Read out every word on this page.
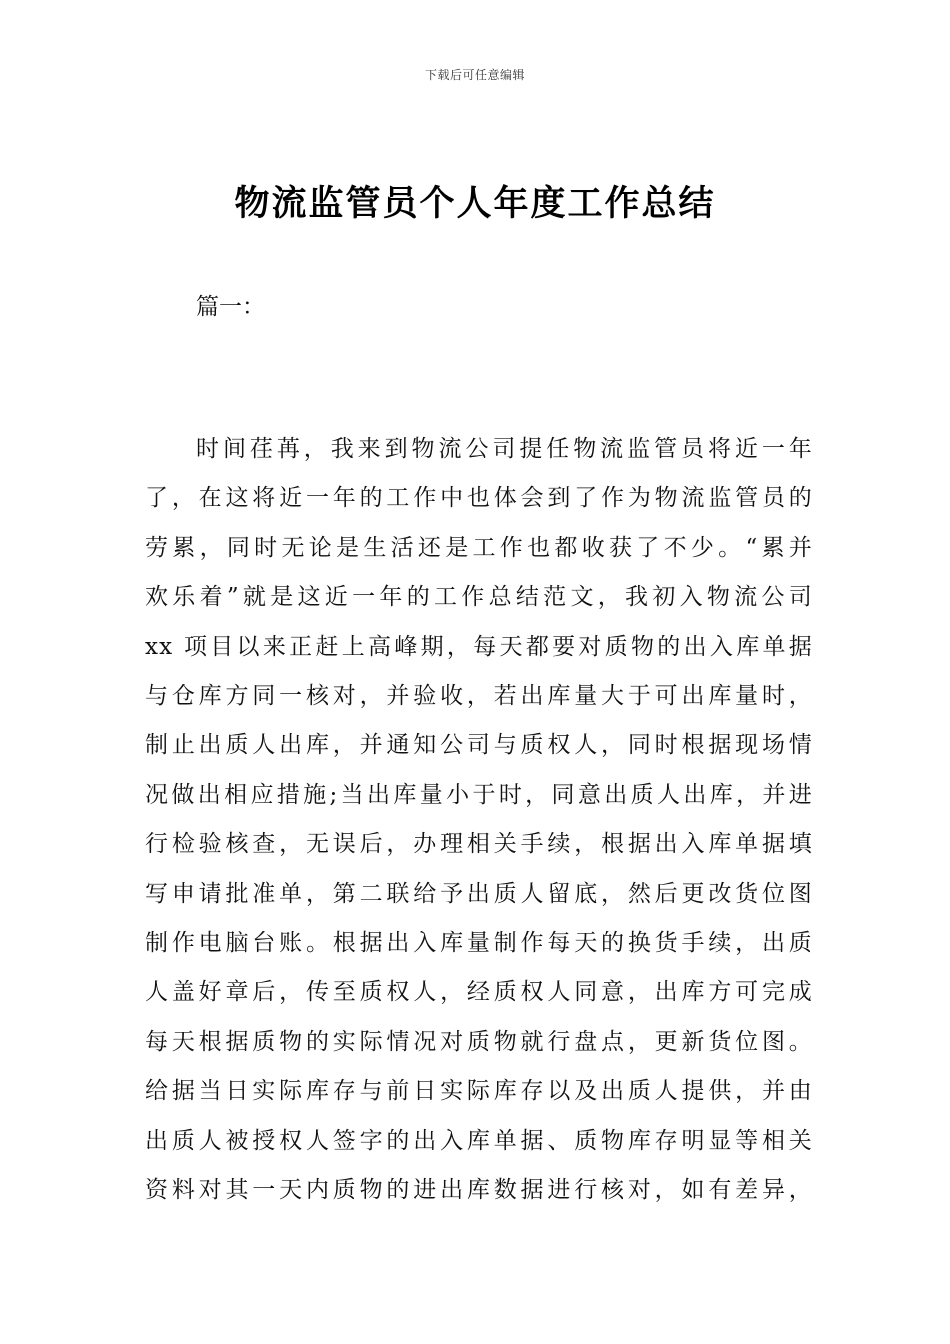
下载后可任意编辑
物流监管员个人年度工作总结
篇一：
时间荏苒，我来到物流公司提任物流监管员将近一年
了，在这将近一年的工作中也体会到了作为物流监管员的
劳累，同时无论是生活还是工作也都收获了不少。“累并
欢乐着”就是这近一年的工作总结范文，我初入物流公司
xx 项目以来正赶上高峰期，每天都要对质物的出入库单据
与仓库方同一核对，并验收，若出库量大于可出库量时，
制止出质人出库，并通知公司与质权人，同时根据现场情
况做出相应措施;当出库量小于时，同意出质人出库，并进
行检验核查，无误后，办理相关手续，根据出入库单据填
写申请批准单，第二联给予出质人留底，然后更改货位图
制作电脑台账。根据出入库量制作每天的换货手续，出质
人盖好章后，传至质权人，经质权人同意，出库方可完成
每天根据质物的实际情况对质物就行盘点，更新货位图。
给据当日实际库存与前日实际库存以及出质人提供，并由
出质人被授权人签字的出入库单据、质物库存明显等相关
资料对其一天内质物的进出库数据进行核对，如有差异，
